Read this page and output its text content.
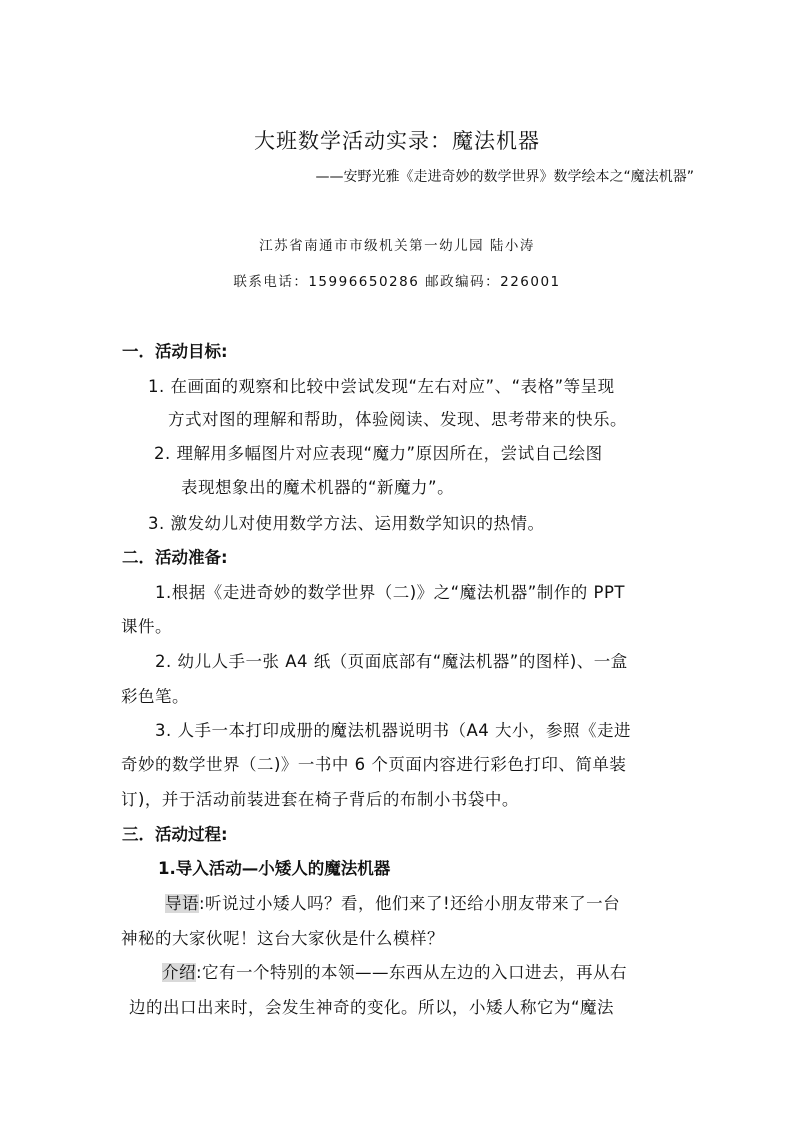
大班数学活动实录：魔法机器
——安野光雅《走进奇妙的数学世界》数学绘本之“魔法机器”
江苏省南通市市级机关第一幼儿园 陆小涛
联系电话：15996650286 邮政编码：226001
一．活动目标:
1. 在画面的观察和比较中尝试发现“左右对应”、“表格”等呈现
方式对图的理解和帮助，体验阅读、发现、思考带来的快乐。
2. 理解用多幅图片对应表现“魔力”原因所在，尝试自己绘图
表现想象出的魔术机器的“新魔力”。
3. 激发幼儿对使用数学方法、运用数学知识的热情。
二．活动准备:
1.根据《走进奇妙的数学世界（二)》之“魔法机器”制作的 PPT
课件。
2. 幼儿人手一张 A4 纸（页面底部有“魔法机器”的图样)、一盒
彩色笔。
3. 人手一本打印成册的魔法机器说明书（A4 大小，参照《走进
奇妙的数学世界（二)》一书中 6 个页面内容进行彩色打印、简单装
订)，并于活动前装进套在椅子背后的布制小书袋中。
三．活动过程:
1.导入活动—小矮人的魔法机器
导语:听说过小矮人吗？看，他们来了!还给小朋友带来了一台
神秘的大家伙呢！这台大家伙是什么模样？
介绍:它有一个特别的本领——东西从左边的入口进去，再从右
边的出口出来时，会发生神奇的变化。所以，小矮人称它为“魔法
